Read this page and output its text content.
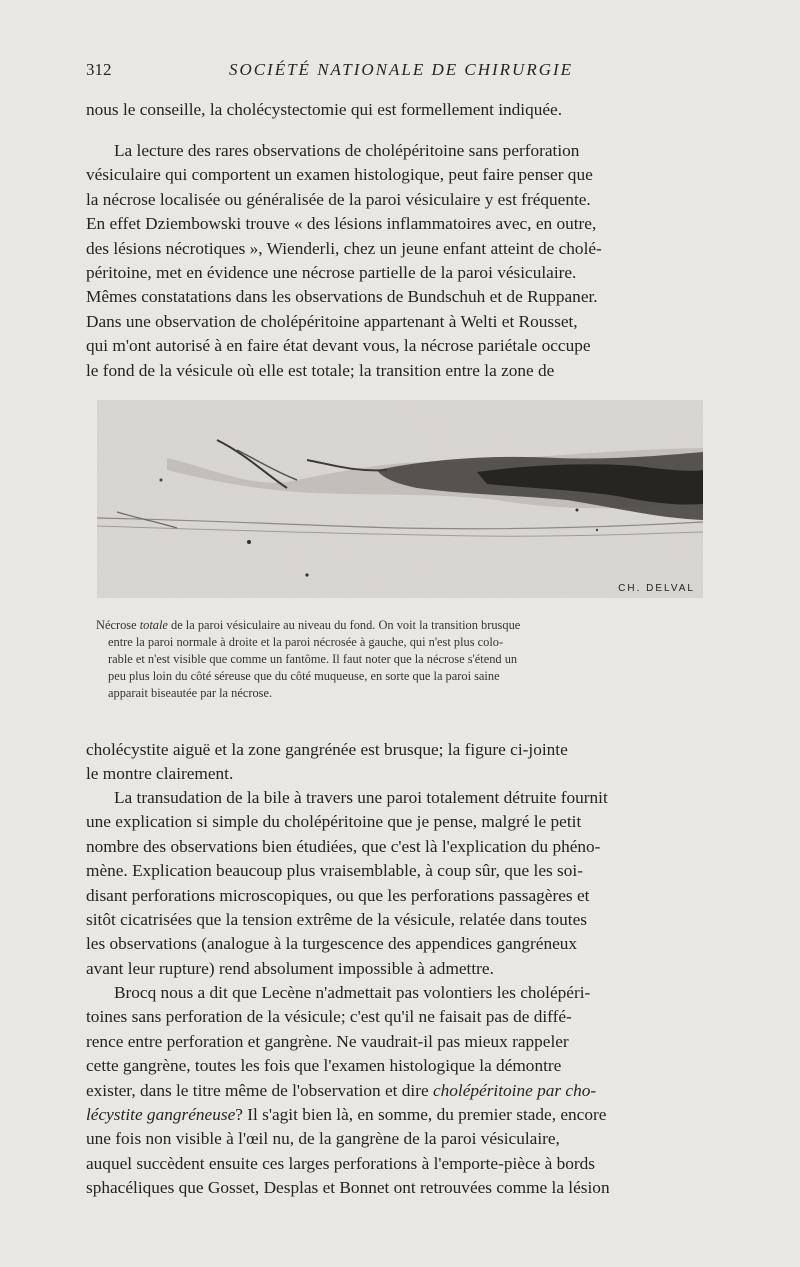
312	SOCIÉTÉ NATIONALE DE CHIRURGIE

nous le conseille, la cholécystectomie qui est formellement indiquée.

La lecture des rares observations de cholépéritoine sans perforation
vésiculaire qui comportent un examen histologique, peut faire penser que
la nécrose localisée ou généralisée de la paroi vésiculaire y est fréquente.
En effet Dziembowski trouve « des lésions inflammatoires avec, en outre,
des lésions nécrotiques », Wienderli, chez un jeune enfant atteint de cholé-
péritoine, met en évidence une nécrose partielle de la paroi vésiculaire.
Mêmes constatations dans les observations de Bundschuh et de Ruppaner.
Dans une observation de cholépéritoine appartenant à Welti et Rousset,
qui m'ont autorisé à en faire état devant vous, la nécrose pariétale occupe
le fond de la vésicule où elle est totale; la transition entre la zone de

CH. DELVAL

Nécrose totale de la paroi vésiculaire au niveau du fond. On voit la transition brusque
entre la paroi normale à droite et la paroi nécrosée à gauche, qui n'est plus colo-
rable et n'est visible que comme un fantôme. Il faut noter que la nécrose s'étend un
peu plus loin du côté séreuse que du côté muqueuse, en sorte que la paroi saine
apparait biseautée par la nécrose.

cholécystite aiguë et la zone gangrénée est brusque; la figure ci-jointe
le montre clairement.

La transudation de la bile à travers une paroi totalement détruite fournit
une explication si simple du cholépéritoine que je pense, malgré le petit
nombre des observations bien étudiées, que c'est là l'explication du phéno-
mène. Explication beaucoup plus vraisemblable, à coup sûr, que les soi-
disant perforations microscopiques, ou que les perforations passagères et
sitôt cicatrisées que la tension extrême de la vésicule, relatée dans toutes
les observations (analogue à la turgescence des appendices gangréneux
avant leur rupture) rend absolument impossible à admettre.

Brocq nous a dit que Lecène n'admettait pas volontiers les cholépéri-
toines sans perforation de la vésicule; c'est qu'il ne faisait pas de diffé-
rence entre perforation et gangrène. Ne vaudrait-il pas mieux rappeler
cette gangrène, toutes les fois que l'examen histologique la démontre
exister, dans le titre même de l'observation et dire cholépéritoine par cho-
lécystite gangréneuse? Il s'agit bien là, en somme, du premier stade, encore
une fois non visible à l'œil nu, de la gangrène de la paroi vésiculaire,
auquel succèdent ensuite ces larges perforations à l'emporte-pièce à bords
sphacéliques que Gosset, Desplas et Bonnet ont retrouvées comme la lésion
